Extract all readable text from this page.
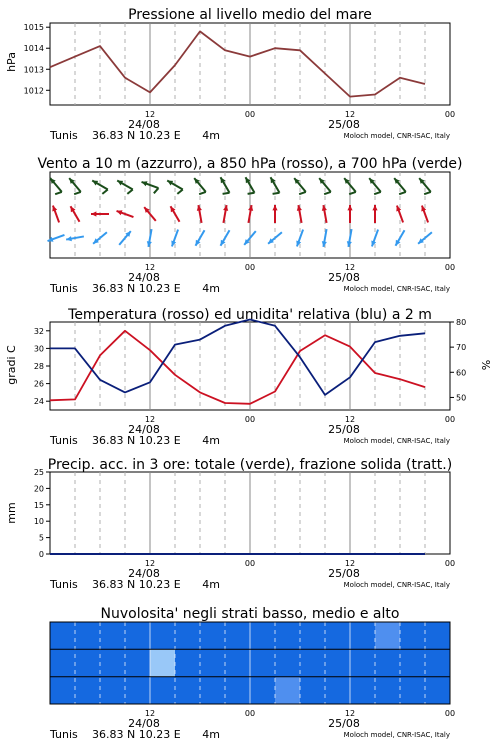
Pressione al livello medio del mare
hPa
1012
1013
1014
1015
12	00	12	00
24/08	25/08
Tunis 36.83 N 10.23 E 4m	Moloch model, CNR-ISAC, Italy
Vento a 10 m (azzurro), a 850 hPa (rosso), a 700 hPa (verde)
12	00	12	00
24/08	25/08
Tunis 36.83 N 10.23 E 4m	Moloch model, CNR-ISAC, Italy
Temperatura (rosso) ed umidita' relativa (blu) a 2 m
gradi C	%
24
26
28
30
32
50
60
70
80
12	00	12	00
24/08	25/08
Tunis 36.83 N 10.23 E 4m	Moloch model, CNR-ISAC, Italy
Precip. acc. in 3 ore: totale (verde), frazione solida (tratt.)
mm
0
5
10
15
20
25
12	00	12	00
24/08	25/08
Tunis 36.83 N 10.23 E 4m	Moloch model, CNR-ISAC, Italy
Nuvolosita' negli strati basso, medio e alto
12	00	12	00
24/08	25/08
Tunis 36.83 N 10.23 E 4m	Moloch model, CNR-ISAC, Italy
